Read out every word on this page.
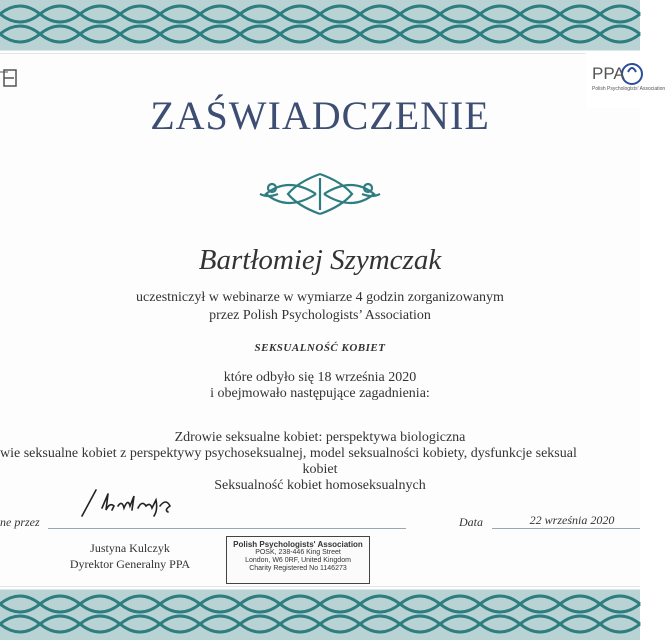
PPA
Polish Psychologists' Association
ZAŚWIADCZENIE
Bartłomiej Szymczak
uczestniczył w webinarze w wymiarze 4 godzin zorganizowanym
przez Polish Psychologists’ Association
SEKSUALNOŚĆ KOBIET
które odbyło się 18 września 2020
i obejmowało następujące zagadnienia:
Zdrowie seksualne kobiet: perspektywa biologiczna
wie seksualne kobiet z perspektywy psychoseksualnej, model seksualności kobiety, dysfunkcje seksual
kobiet
Seksualność kobiet homoseksualnych
ne przez	Data	22 września 2020
Justyna Kulczyk
Dyrektor Generalny PPA
Polish Psychologists' Association
POSK, 238-446 King Street
London, W6 0RF, United Kingdom
Charity Registered No 1146273
